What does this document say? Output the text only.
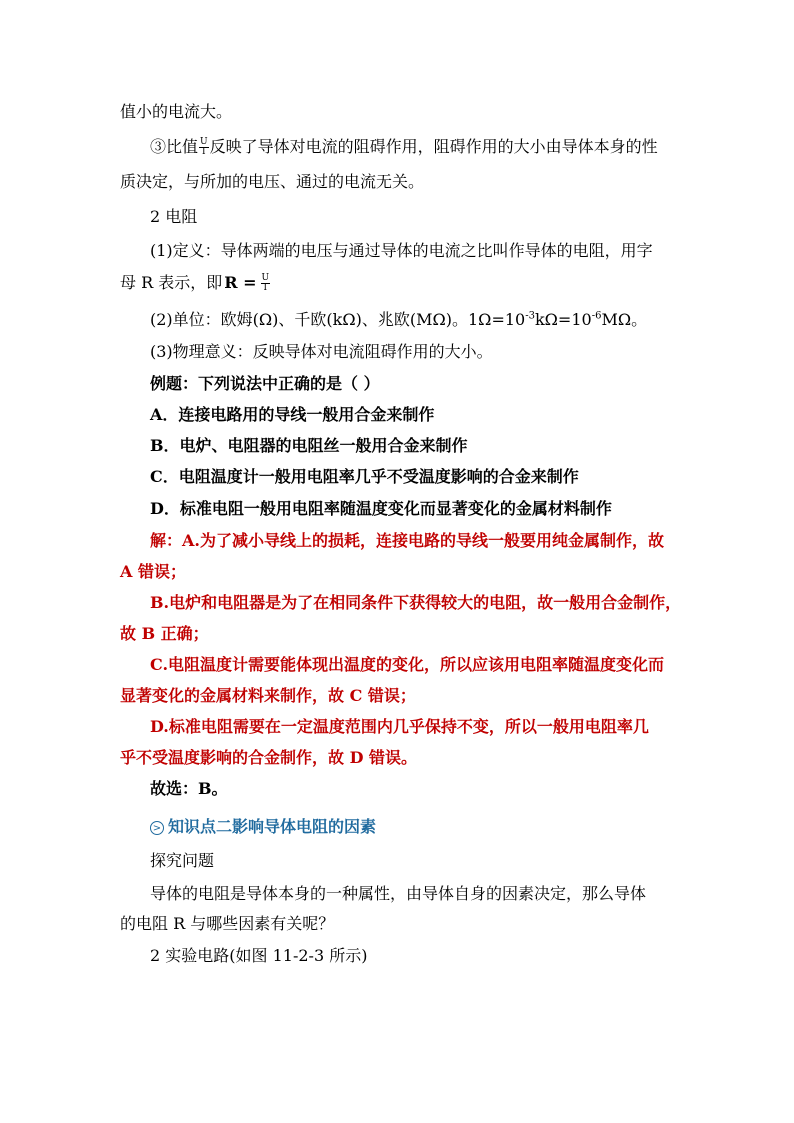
值小的电流大。
③比值 $\frac{U}{I}$ 反映了导体对电流的阻碍作用，阻碍作用的大小由导体本身的性
质决定，与所加的电压、通过的电流无关。
2 电阻
(1)定义：导体两端的电压与通过导体的电流之比叫作导体的电阻，用字
母 R 表示，即 $R = \frac{U}{I}$
(2)单位：欧姆(Ω)、千欧(kΩ)、兆欧(MΩ)。$1\Omega=10^{-3}k\Omega=10^{-6}M\Omega$。
(3)物理意义：反映导体对电流阻碍作用的大小。
例题：下列说法中正确的是（ ）
A．连接电路用的导线一般用合金来制作
B．电炉、电阻器的电阻丝一般用合金来制作
C．电阻温度计一般用电阻率几乎不受温度影响的合金来制作
D．标准电阻一般用电阻率随温度变化而显著变化的金属材料制作
解：A.为了减小导线上的损耗，连接电路的导线一般要用纯金属制作，故
A 错误；
B.电炉和电阻器是为了在相同条件下获得较大的电阻，故一般用合金制作，
故 B 正确；
C.电阻温度计需要能体现出温度的变化，所以应该用电阻率随温度变化而
显著变化的金属材料来制作，故 C 错误；
D.标准电阻需要在一定温度范围内几乎保持不变，所以一般用电阻率几
乎不受温度影响的合金制作，故 D 错误。
故选：B。
> 知识点二影响导体电阻的因素
探究问题
导体的电阻是导体本身的一种属性，由导体自身的因素决定，那么导体
的电阻 R 与哪些因素有关呢？
2 实验电路(如图 11-2-3 所示)
